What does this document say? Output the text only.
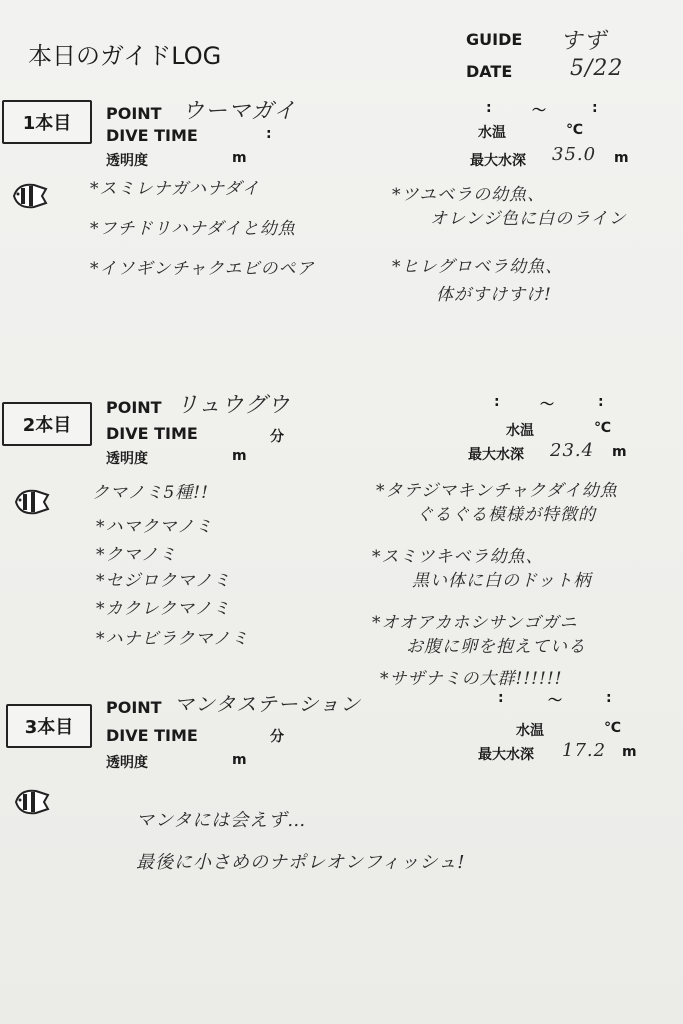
本日のガイドLOG
GUIDE すず
DATE	5/22
1本目 POINT ウーマガイ
DIVE TIME	:
透明度	m
:	～	:
水温	℃
最大水深 35.0 m
*スミレナガハナダイ
*フチドリハナダイと幼魚
*イソギンチャクエビのペア
*ツユベラの幼魚、
オレンジ色に白のライン
*ヒレグロベラ幼魚、
体がすけすけ!
2本目
POINT リュウグウ
DIVE TIME	分
透明度	m
:	～	:
水温	℃
最大水深 23.4 m
クマノミ5種!!
*ハマクマノミ
*クマノミ
*セジロクマノミ
*カクレクマノミ
*ハナビラクマノミ
*タテジマキンチャクダイ幼魚
ぐるぐる模様が特徴的
*スミツキベラ幼魚、
黒い体に白のドット柄
*オオアカホシサンゴガニ
お腹に卵を抱えている
*サザナミの大群!!!!!!
3本目
POINT マンタステーション
DIVE TIME	分
透明度	m
:	～	:
水温	℃
最大水深 17.2 m
マンタには会えず…
最後に小さめのナポレオンフィッシュ!
